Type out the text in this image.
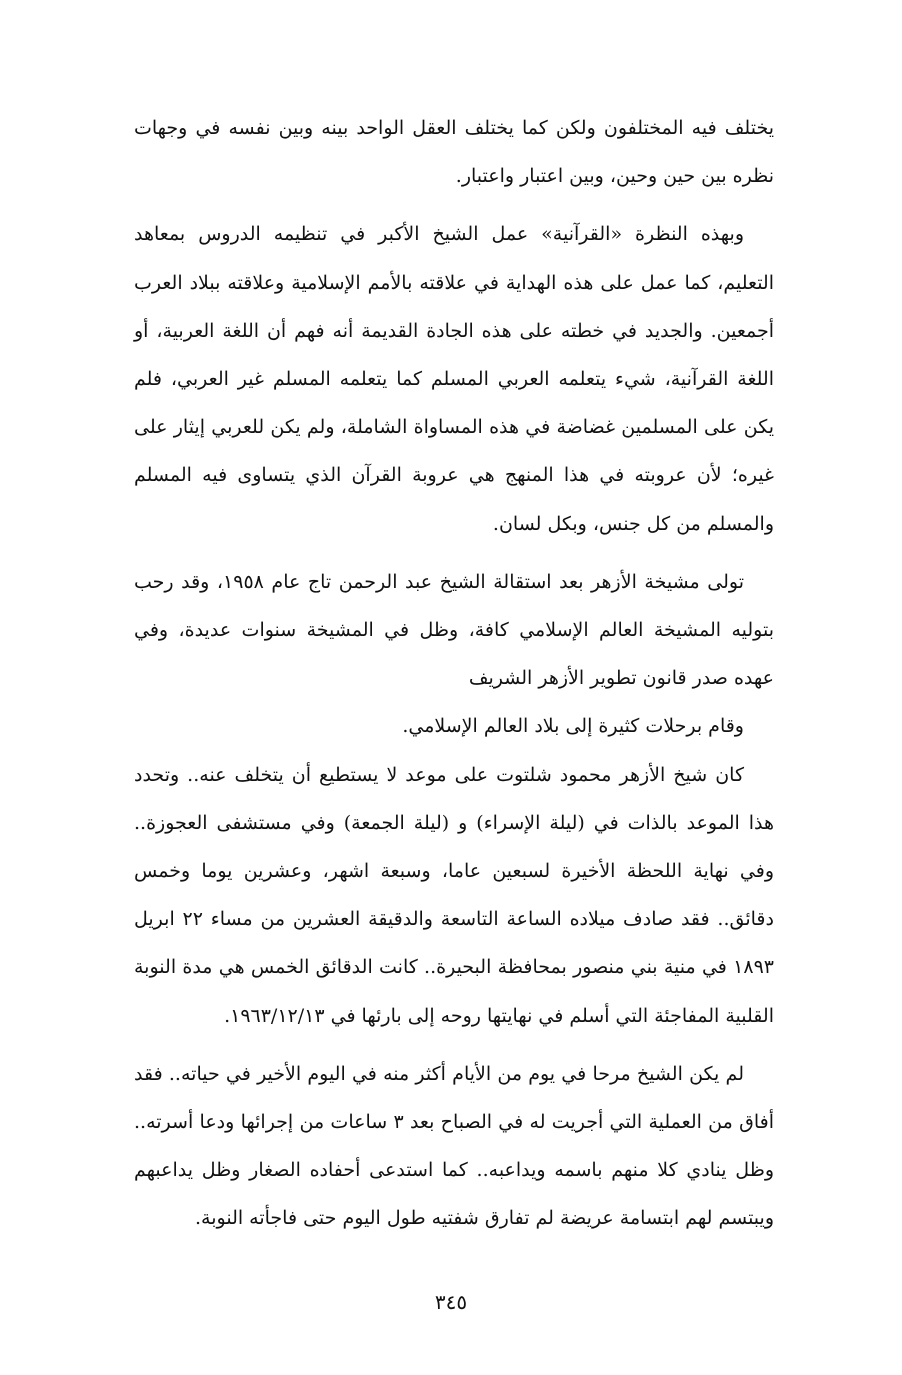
يختلف فيه المختلفون ولكن كما يختلف العقل الواحد بينه وبين نفسه في وجهات نظره بين حين وحين، وبين اعتبار واعتبار.

وبهذه النظرة «القرآنية» عمل الشيخ الأكبر في تنظيمه الدروس بمعاهد التعليم، كما عمل على هذه الهداية في علاقته بالأمم الإسلامية وعلاقته ببلاد العرب أجمعين. والجديد في خطته على هذه الجادة القديمة أنه فهم أن اللغة العربية، أو اللغة القرآنية، شيء يتعلمه العربي المسلم كما يتعلمه المسلم غير العربي، فلم يكن على المسلمين غضاضة في هذه المساواة الشاملة، ولم يكن للعربي إيثار على غيره؛ لأن عروبته في هذا المنهج هي عروبة القرآن الذي يتساوى فيه المسلم والمسلم من كل جنس، وبكل لسان.

تولى مشيخة الأزهر بعد استقالة الشيخ عبد الرحمن تاج عام ١٩٥٨، وقد رحب بتوليه المشيخة العالم الإسلامي كافة، وظل في المشيخة سنوات عديدة، وفي عهده صدر قانون تطوير الأزهر الشريف

وقام برحلات كثيرة إلى بلاد العالم الإسلامي.

كان شيخ الأزهر محمود شلتوت على موعد لا يستطيع أن يتخلف عنه.. وتحدد هذا الموعد بالذات في (ليلة الإسراء) و (ليلة الجمعة) وفي مستشفى العجوزة.. وفي نهاية اللحظة الأخيرة لسبعين عاما، وسبعة اشهر، وعشرين يوما وخمس دقائق.. فقد صادف ميلاده الساعة التاسعة والدقيقة العشرين من مساء ٢٢ ابريل ١٨٩٣ في منية بني منصور بمحافظة البحيرة.. كانت الدقائق الخمس هي مدة النوبة القلبية المفاجئة التي أسلم في نهايتها روحه إلى بارئها في ١٩٦٣/١٢/١٣.

لم يكن الشيخ مرحا في يوم من الأيام أكثر منه في اليوم الأخير في حياته.. فقد أفاق من العملية التي أجريت له في الصباح بعد ٣ ساعات من إجرائها ودعا أسرته.. وظل ينادي كلا منهم باسمه ويداعبه.. كما استدعى أحفاده الصغار وظل يداعبهم ويبتسم لهم ابتسامة عريضة لم تفارق شفتيه طول اليوم حتى فاجأته النوبة.

٣٤٥
